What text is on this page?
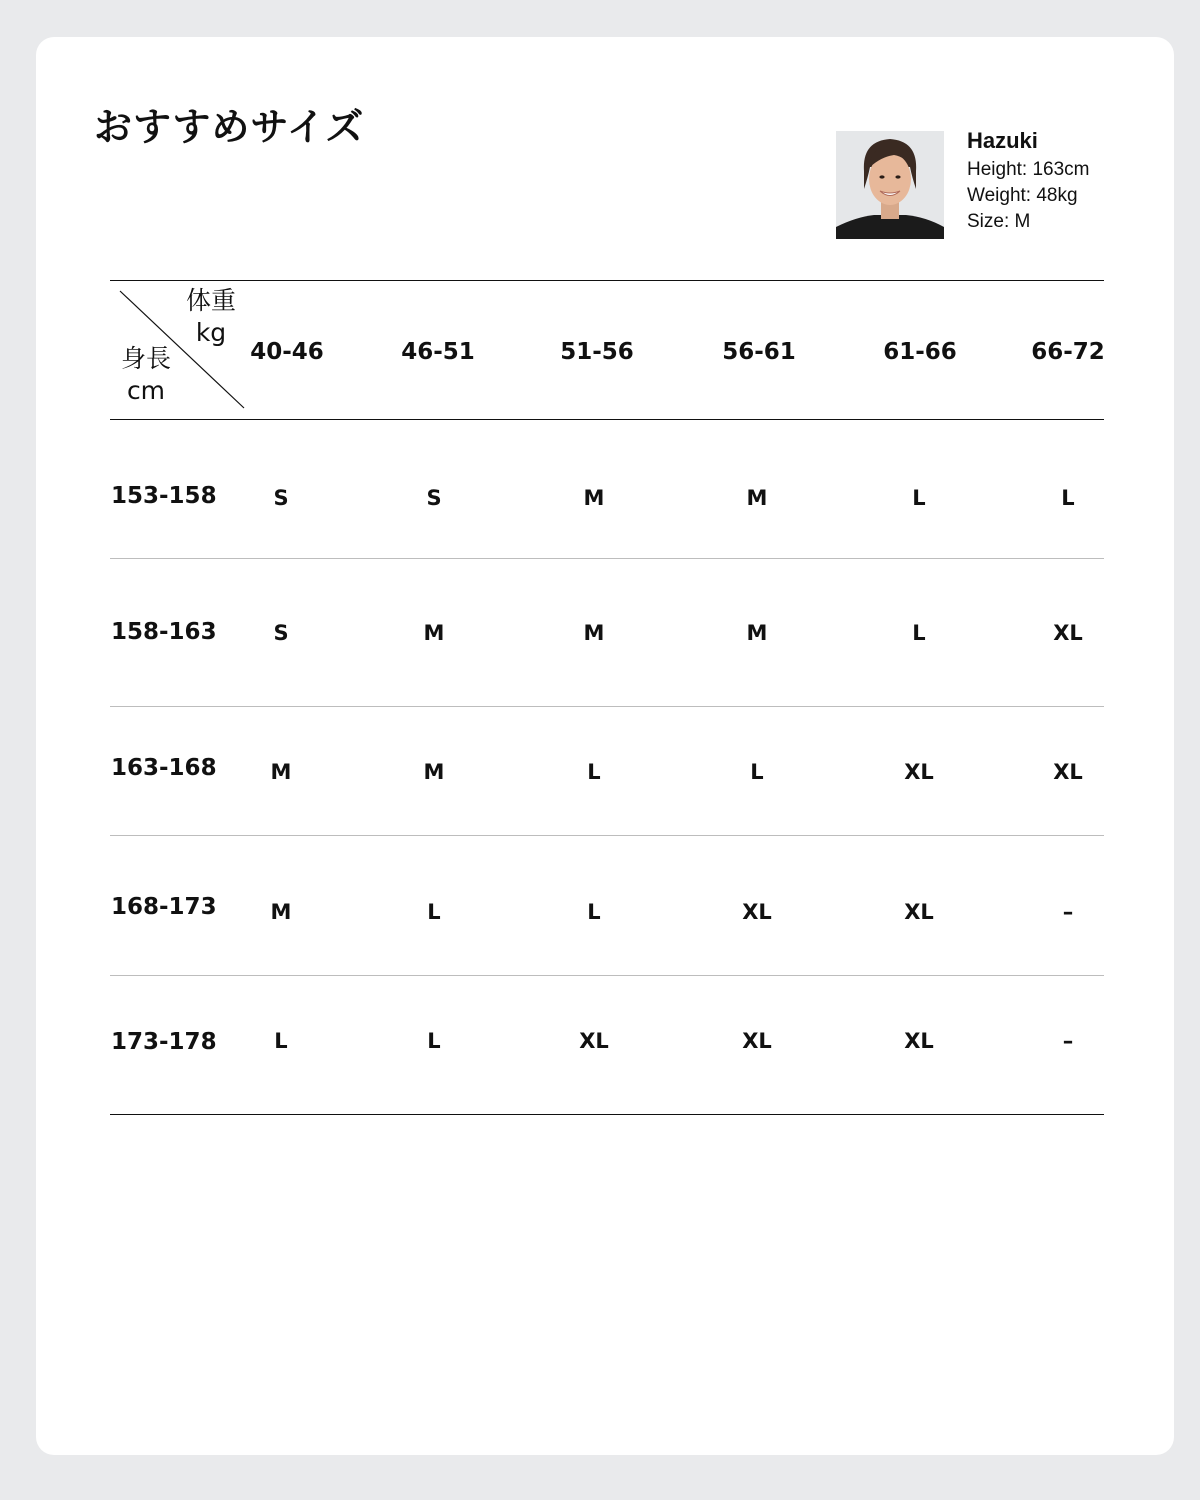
おすすめサイズ	Hazuki
Height: 163cm
Weight: 48kg
Size: M
体重
kg
身長
cm
40-46	46-51	51-56	56-61	61-66	66-72
153-158	S	S	M	M	L	L
158-163	S	M	M	M	L	XL
163-168	M	M	L	L	XL	XL
168-173	M	L	L	XL	XL	–
173-178	L	L	XL	XL	XL	–
